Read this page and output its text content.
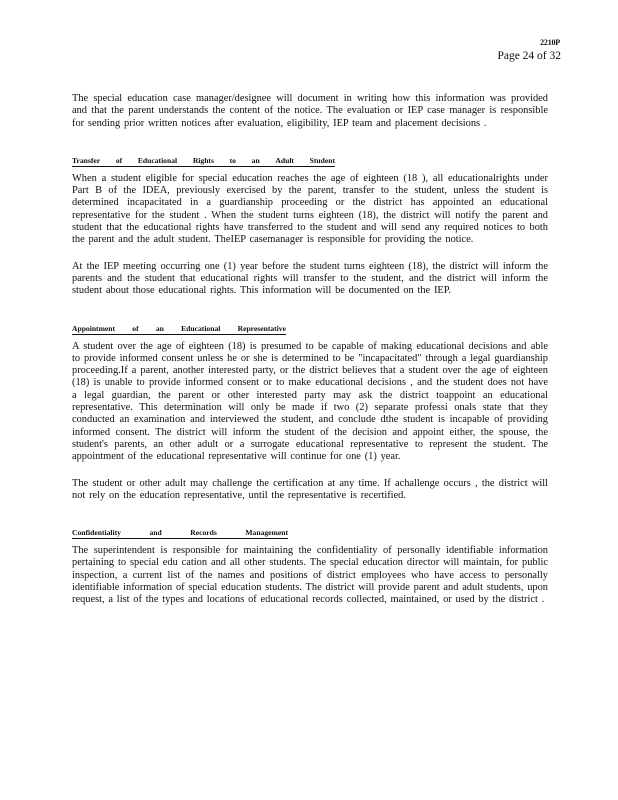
2210P
Page 24 of 32

The special education case manager/designee will document in writing how this information was provided and that the parent understands the content of the notice. The evaluation or IEP case manager is responsible for sending prior written notices after evaluation, eligibility, IEP team and placement decisions .

Transfer of Educational Rights to an Adult Student

When a student eligible for special education reaches the age of eighteen (18 ), all educationalrights under Part B of the IDEA, previously exercised by the parent, transfer to the student, unless the student is determined incapacitated in a guardianship proceeding or the district has appointed an educational representative for the student . When the student turns eighteen (18), the district will notify the parent and student that the educational rights have transferred to the student and will send any required notices to both the parent and the adult student. TheIEP casemanager is responsible for providing the notice.

At the IEP meeting occurring one (1) year before the student turns eighteen (18), the district will inform the parents and the student that educational rights will transfer to the student, and the district will inform the student about those educational rights. This information will be documented on the IEP.

Appointment of an Educational Representative

A student over the age of eighteen (18) is presumed to be capable of making educational decisions and able to provide informed consent unless he or she is determined to be "incapacitated" through a legal guardianship proceeding.If a parent, another interested party, or the district believes that a student over the age of eighteen (18) is unable to provide informed consent or to make educational decisions , and the student does not have a legal guardian, the parent or other interested party may ask the district toappoint an educational representative. This determination will only be made if two (2) separate professi onals state that they conducted an examination and interviewed the student, and conclude dthe student is incapable of providing informed consent. The district will inform the student of the decision and appoint either, the spouse, the student's parents, an other adult or a surrogate educational representative to represent the student. The appointment of the educational representative will continue for one (1) year.

The student or other adult may challenge the certification at any time. If achallenge occurs , the district will not rely on the education representative, until the representative is recertified.

Confidentiality	and	Records	Management

The superintendent is responsible for maintaining the confidentiality of personally identifiable information pertaining to special edu cation and all other students. The special education director will maintain, for public inspection, a current list of the names and positions of district employees who have access to personally identifiable information of special education students. The district will provide parent and adult students, upon request, a list of the types and locations of educational records collected, maintained, or used by the district .
